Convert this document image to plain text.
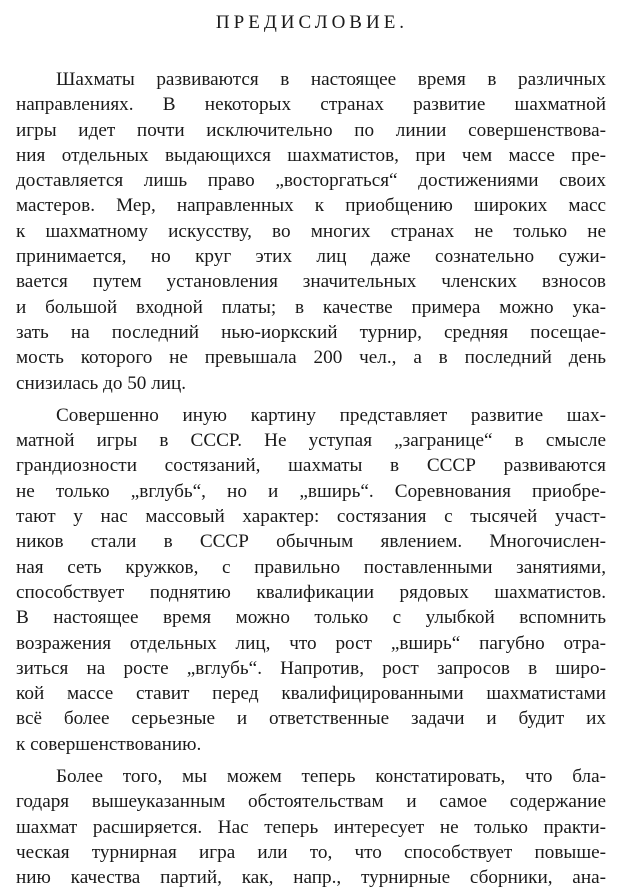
ПРЕДИСЛОВИЕ.

Шахматы развиваются в настоящее время в различных
направлениях. В некоторых странах развитие шахматной
игры идет почти исключительно по линии совершенствова-
ния отдельных выдающихся шахматистов, при чем массе пре-
доставляется лишь право „восторгаться“ достижениями своих
мастеров. Мер, направленных к приобщению широких масс
к шахматному искусству, во многих странах не только не
принимается, но круг этих лиц даже сознательно сужи-
вается путем установления значительных членских взносов
и большой входной платы; в качестве примера можно ука-
зать на последний нью-иоркский турнир, средняя посещае-
мость которого не превышала 200 чел., а в последний день
снизилась до 50 лиц.

Совершенно иную картину представляет развитие шах-
матной игры в СССР. Не уступая „загранице“ в смысле
грандиозности состязаний, шахматы в СССР развиваются
не только „вглубь“, но и „вширь“. Соревнования приобре-
тают у нас массовый характер: состязания с тысячей участ-
ников стали в СССР обычным явлением. Многочислен-
ная сеть кружков, с правильно поставленными занятиями,
способствует поднятию квалификации рядовых шахматистов.
В настоящее время можно только с улыбкой вспомнить
возражения отдельных лиц, что рост „вширь“ пагубно отра-
зиться на росте „вглубь“. Напротив, рост запросов в широ-
кой массе ставит перед квалифицированными шахматистами
всё более серьезные и ответственные задачи и будит их
к совершенствованию.

Более того, мы можем теперь констатировать, что бла-
годаря вышеуказанным обстоятельствам и самое содержание
шахмат расширяется. Нас теперь интересует не только практи-
ческая турнирная игра или то, что способствует повыше-
нию качества партий, как, напр., турнирные сборники, ана-
